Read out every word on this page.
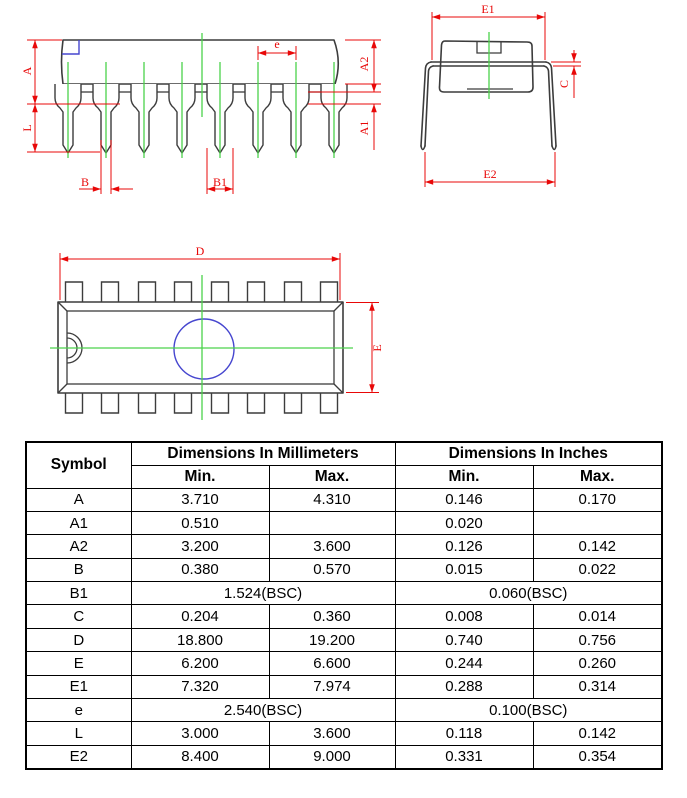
A
L
B	B1
e
A2
A1
E1
E2
C
D
E
Symbol	Dimensions In Millimeters		Dimensions In Inches	
	Min.	Max.	Min.	Max.
A	3.710	4.310	0.146	0.170
A1	0.510		0.020	
A2	3.200	3.600	0.126	0.142
B	0.380	0.570	0.015	0.022
B1	1.524(BSC)		0.060(BSC)	
C	0.204	0.360	0.008	0.014
D	18.800	19.200	0.740	0.756
E	6.200	6.600	0.244	0.260
E1	7.320	7.974	0.288	0.314
e	2.540(BSC)		0.100(BSC)	
L	3.000	3.600	0.118	0.142
E2	8.400	9.000	0.331	0.354
